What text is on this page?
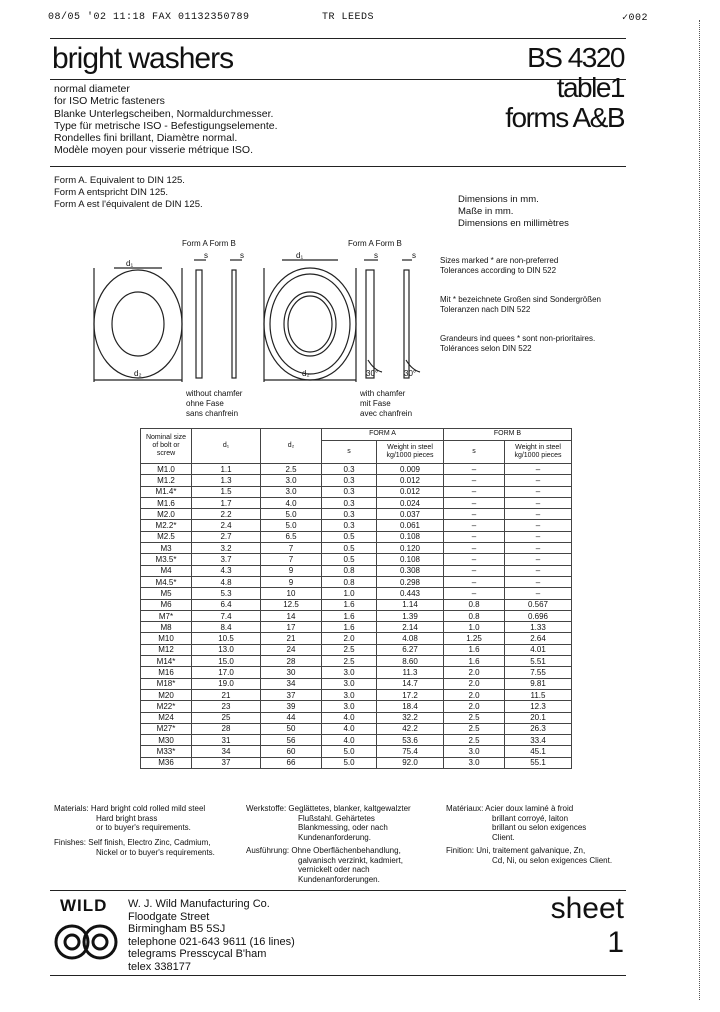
08/05 '02 11:18 FAX 01132350789	TR LEEDS	✓002
bright washers
normal diameter
for ISO Metric fasteners
Blanke Unterlegscheiben, Normaldurchmesser.
Type für metrische ISO - Befestigungselemente.
Rondelles fini brillant, Diamètre normal.
Modèle moyen pour visserie métrique ISO.
BS 4320
table1
forms A&B
Form A. Equivalent to DIN 125.
Form A entspricht DIN 125.
Form A est l'équivalent de DIN 125.	Dimensions in mm.
Maße in mm.
Dimensions en millimètres
Sizes marked * are non-preferred
Tolerances according to DIN 522
Mit * bezeichnete Großen sind Sondergrößen
Toleranzen nach DIN 522
Grandeurs ind quees * sont non-prioritaires.
Tolérances selon DIN 522
Form A Form B	Form A Form B
d₁
d₂
d₁
d₂
s	s	s	s
30°	30°
without chamfer
ohne Fase
sans chanfrein
with chamfer
mit Fase
avec chanfrein
Nominal size of bolt or screw	d₁	d₂	FORM A		FORM B	
			s	Weight in steel kg/1000 pieces	s	Weight in steel kg/1000 pieces
M1.0	1.1	2.5	0.3	0.009	–	–
M1.2	1.3	3.0	0.3	0.012	–	–
M1.4*	1.5	3.0	0.3	0.012	–	–
M1.6	1.7	4.0	0.3	0.024	–	–
M2.0	2.2	5.0	0.3	0.037	–	–
M2.2*	2.4	5.0	0.3	0.061	–	–
M2.5	2.7	6.5	0.5	0.108	–	–
M3	3.2	7	0.5	0.120	–	–
M3.5*	3.7	7	0.5	0.108	–	–
M4	4.3	9	0.8	0.308	–	–
M4.5*	4.8	9	0.8	0.298	–	–
M5	5.3	10	1.0	0.443	–	–
M6	6.4	12.5	1.6	1.14	0.8	0.567
M7*	7.4	14	1.6	1.39	0.8	0.696
M8	8.4	17	1.6	2.14	1.0	1.33
M10	10.5	21	2.0	4.08	1.25	2.64
M12	13.0	24	2.5	6.27	1.6	4.01
M14*	15.0	28	2.5	8.60	1.6	5.51
M16	17.0	30	3.0	11.3	2.0	7.55
M18*	19.0	34	3.0	14.7	2.0	9.81
M20	21	37	3.0	17.2	2.0	11.5
M22*	23	39	3.0	18.4	2.0	12.3
M24	25	44	4.0	32.2	2.5	20.1
M27*	28	50	4.0	42.2	2.5	26.3
M30	31	56	4.0	53.6	2.5	33.4
M33*	34	60	5.0	75.4	3.0	45.1
M36	37	66	5.0	92.0	3.0	55.1
Materials: Hard bright cold rolled mild steel
Hard bright brass
or to buyer's requirements.
Werkstoffe: Geglättetes, blanker, kaltgewalzter
Flußstahl. Gehärtetes
Blankmessing, oder nach
Kundenanforderung.
Matériaux: Acier doux laminé à froid
brillant corroyé, laiton
brillant ou selon exigences
Client.
Finishes: Self finish, Electro Zinc, Cadmium,
Nickel or to buyer's requirements.	Ausführung: Ohne Oberflächenbehandlung,
galvanisch verzinkt, kadmiert,
vernickelt oder nach
Kundenanforderungen.
Finition: Uni, traitement galvanique, Zn,
Cd, Ni, ou selon exigences Client.
WILD W. J. Wild Manufacturing Co.
Floodgate Street
Birmingham B5 5SJ
telephone 021-643 9611 (16 lines)
telegrams Presscycal B'ham
telex 338177
sheet
1
